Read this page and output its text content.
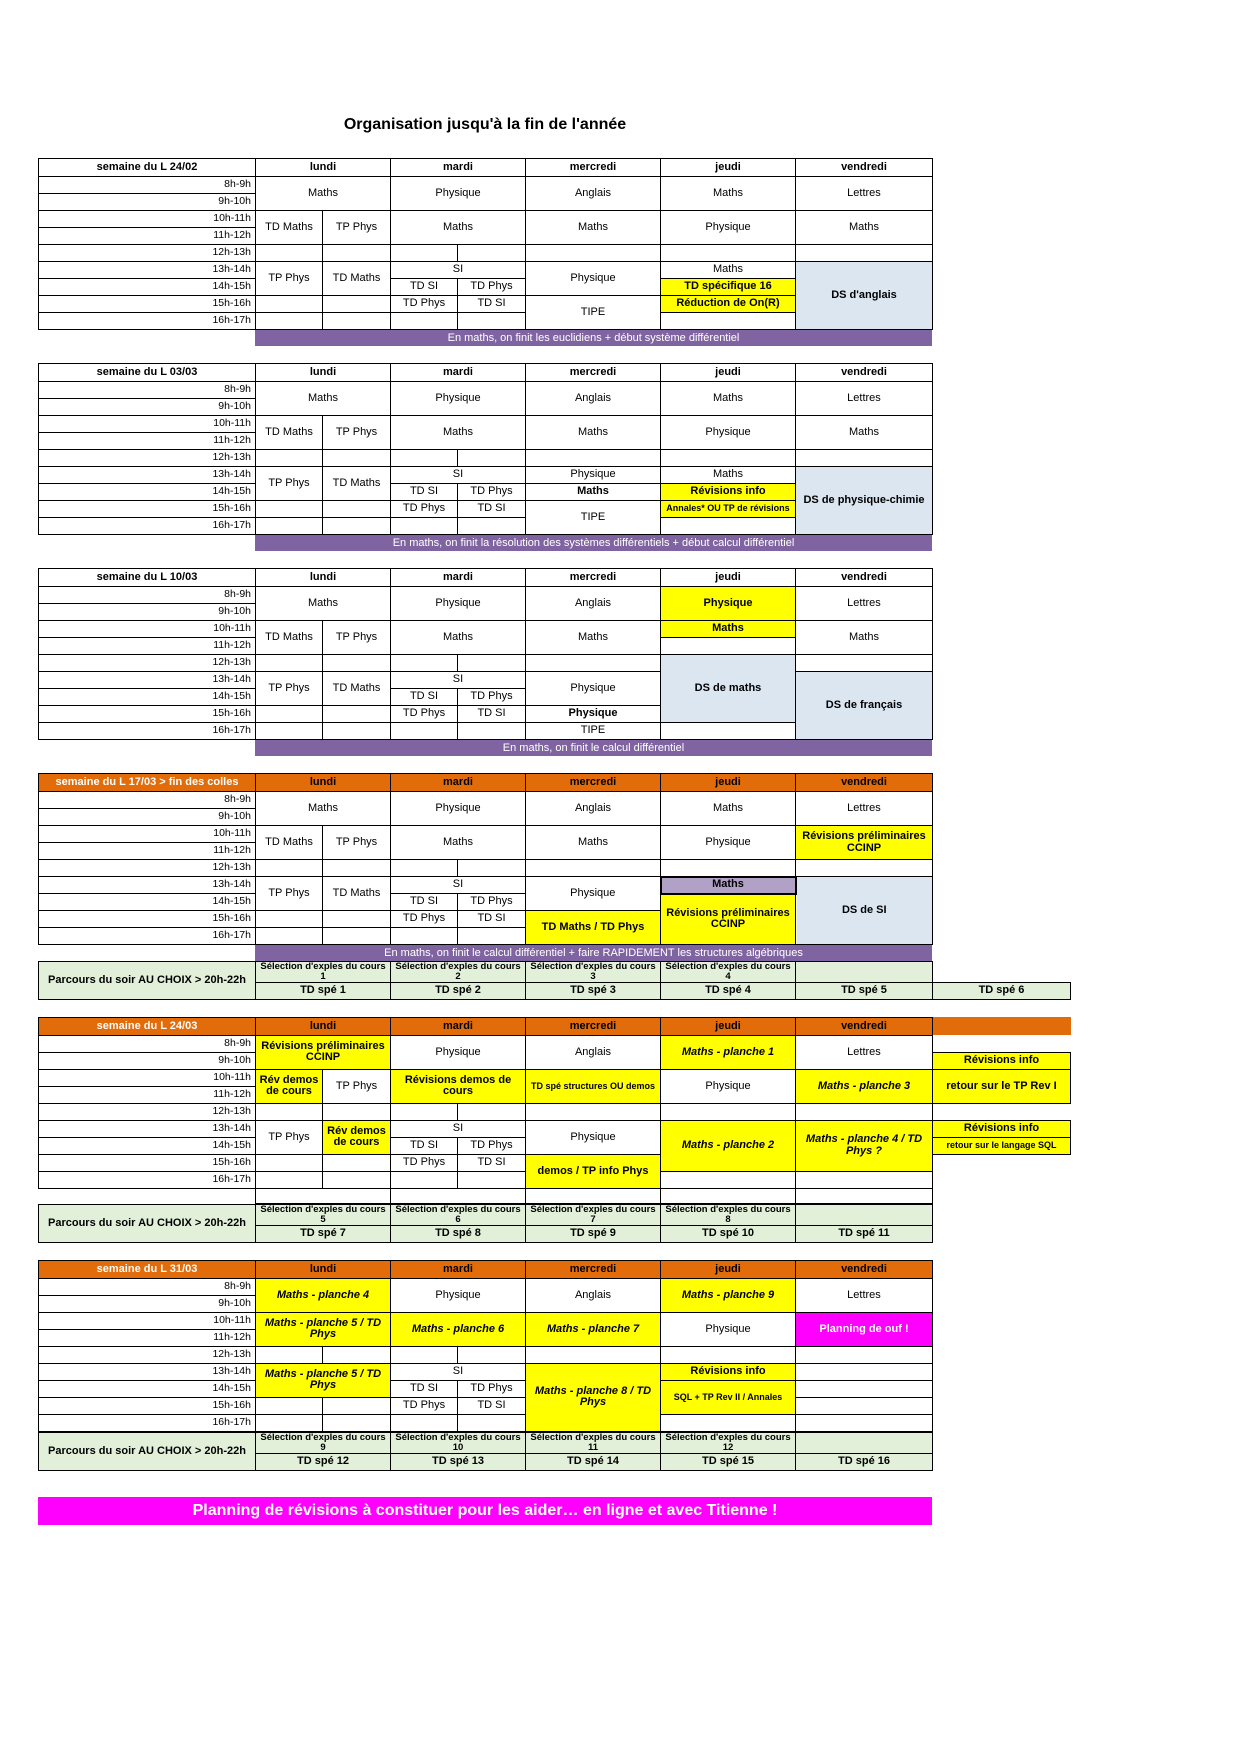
Organisation jusqu'à la fin de l'année
semaine du L 24/02	lundi		mardi		mercredi	jeudi	vendredi
8h-9h	Maths		Physique		Anglais	Maths	Lettres
9h-10h							
10h-11h	TD Maths	TP Phys	Maths		Maths	Physique	Maths
11h-12h							
12h-13h							
13h-14h	TP Phys	TD Maths	SI		Physique	Maths	DS d'anglais
14h-15h			TD SI	TD Phys		TD spécifique 16	
15h-16h			TD Phys	TD SI	TIPE	Réduction de On(R)	
16h-17h							
En maths, on finit les euclidiens + début système différentiel
semaine du L 03/03	lundi		mardi		mercredi	jeudi	vendredi
8h-9h	Maths		Physique		Anglais	Maths	Lettres
9h-10h							
10h-11h	TD Maths	TP Phys	Maths		Maths	Physique	Maths
11h-12h							
12h-13h							
13h-14h	TP Phys	TD Maths	SI		Physique	Maths	DS de physique-chimie
14h-15h			TD SI	TD Phys	Maths	Révisions info	
15h-16h			TD Phys	TD SI	TIPE	Annales* OU TP de révisions	
16h-17h							
En maths, on finit la résolution des systèmes différentiels + début calcul différentiel
semaine du L 10/03	lundi		mardi		mercredi	jeudi	vendredi
8h-9h	Maths		Physique		Anglais	Physique	Lettres
9h-10h							
10h-11h	TD Maths	TP Phys	Maths		Maths	Maths	Maths
11h-12h							
12h-13h						DS de maths	
13h-14h	TP Phys	TD Maths	SI		Physique		DS de français
14h-15h			TD SI	TD Phys			
15h-16h			TD Phys	TD SI	Physique		
16h-17h					TIPE		
En maths, on finit le calcul différentiel
semaine du L 17/03 > fin des colles	lundi		mardi		mercredi	jeudi	vendredi
8h-9h	Maths		Physique		Anglais	Maths	Lettres
9h-10h							
10h-11h	TD Maths	TP Phys	Maths		Maths	Physique	Révisions préliminaires CCINP
11h-12h							
12h-13h							
13h-14h	TP Phys	TD Maths	SI		Physique	Maths	DS de SI
14h-15h			TD SI	TD Phys		Révisions préliminaires CCINP	
15h-16h			TD Phys	TD SI	TD Maths / TD Phys		
16h-17h							
En maths, on finit le calcul différentiel + faire RAPIDEMENT les structures algébriques
Parcours du soir AU CHOIX > 20h-22h	Sélection d'exples du cours 1	Sélection d'exples du cours 2	Sélection d'exples du cours 3	Sélection d'exples du cours 4		
	TD spé 1	TD spé 2	TD spé 3	TD spé 4	TD spé 5	TD spé 6
semaine du L 24/03	lundi		mardi		mercredi	jeudi	vendredi	
8h-9h	Révisions préliminaires CCINP		Physique		Anglais	Maths - planche 1	Lettres	
9h-10h								Révisions info
10h-11h	Rév demos de cours	TP Phys	Révisions demos de cours		TD spé structures OU demos	Physique	Maths - planche 3	retour sur le TP Rev I
11h-12h								
12h-13h								
13h-14h	TP Phys	Rév demos de cours	SI		Physique	Maths - planche 2	Maths - planche 4 / TD Phys ?	Révisions info
14h-15h			TD SI	TD Phys				retour sur le langage SQL
15h-16h			TD Phys	TD SI	demos / TP info Phys			
16h-17h								

Parcours du soir AU CHOIX > 20h-22h	Sélection d'exples du cours 5	Sélection d'exples du cours 6	Sélection d'exples du cours 7	Sélection d'exples du cours 8	
	TD spé 7	TD spé 8	TD spé 9	TD spé 10	TD spé 11
semaine du L 31/03	lundi		mardi		mercredi	jeudi	vendredi
8h-9h	Maths - planche 4		Physique		Anglais	Maths - planche 9	Lettres
9h-10h							
10h-11h	Maths - planche 5 / TD Phys		Maths - planche 6		Maths - planche 7	Physique	Planning de ouf !
11h-12h							
12h-13h							
13h-14h	Maths - planche 5 / TD Phys		SI		Maths - planche 8 / TD Phys	Révisions info	
14h-15h			TD SI	TD Phys		SQL + TP Rev II / Annales	
15h-16h			TD Phys	TD SI			
16h-17h							
Parcours du soir AU CHOIX > 20h-22h	Sélection d'exples du cours 9	Sélection d'exples du cours 10	Sélection d'exples du cours 11	Sélection d'exples du cours 12	
	TD spé 12	TD spé 13	TD spé 14	TD spé 15	TD spé 16
Planning de révisions à constituer pour les aider… en ligne et avec Titienne !
